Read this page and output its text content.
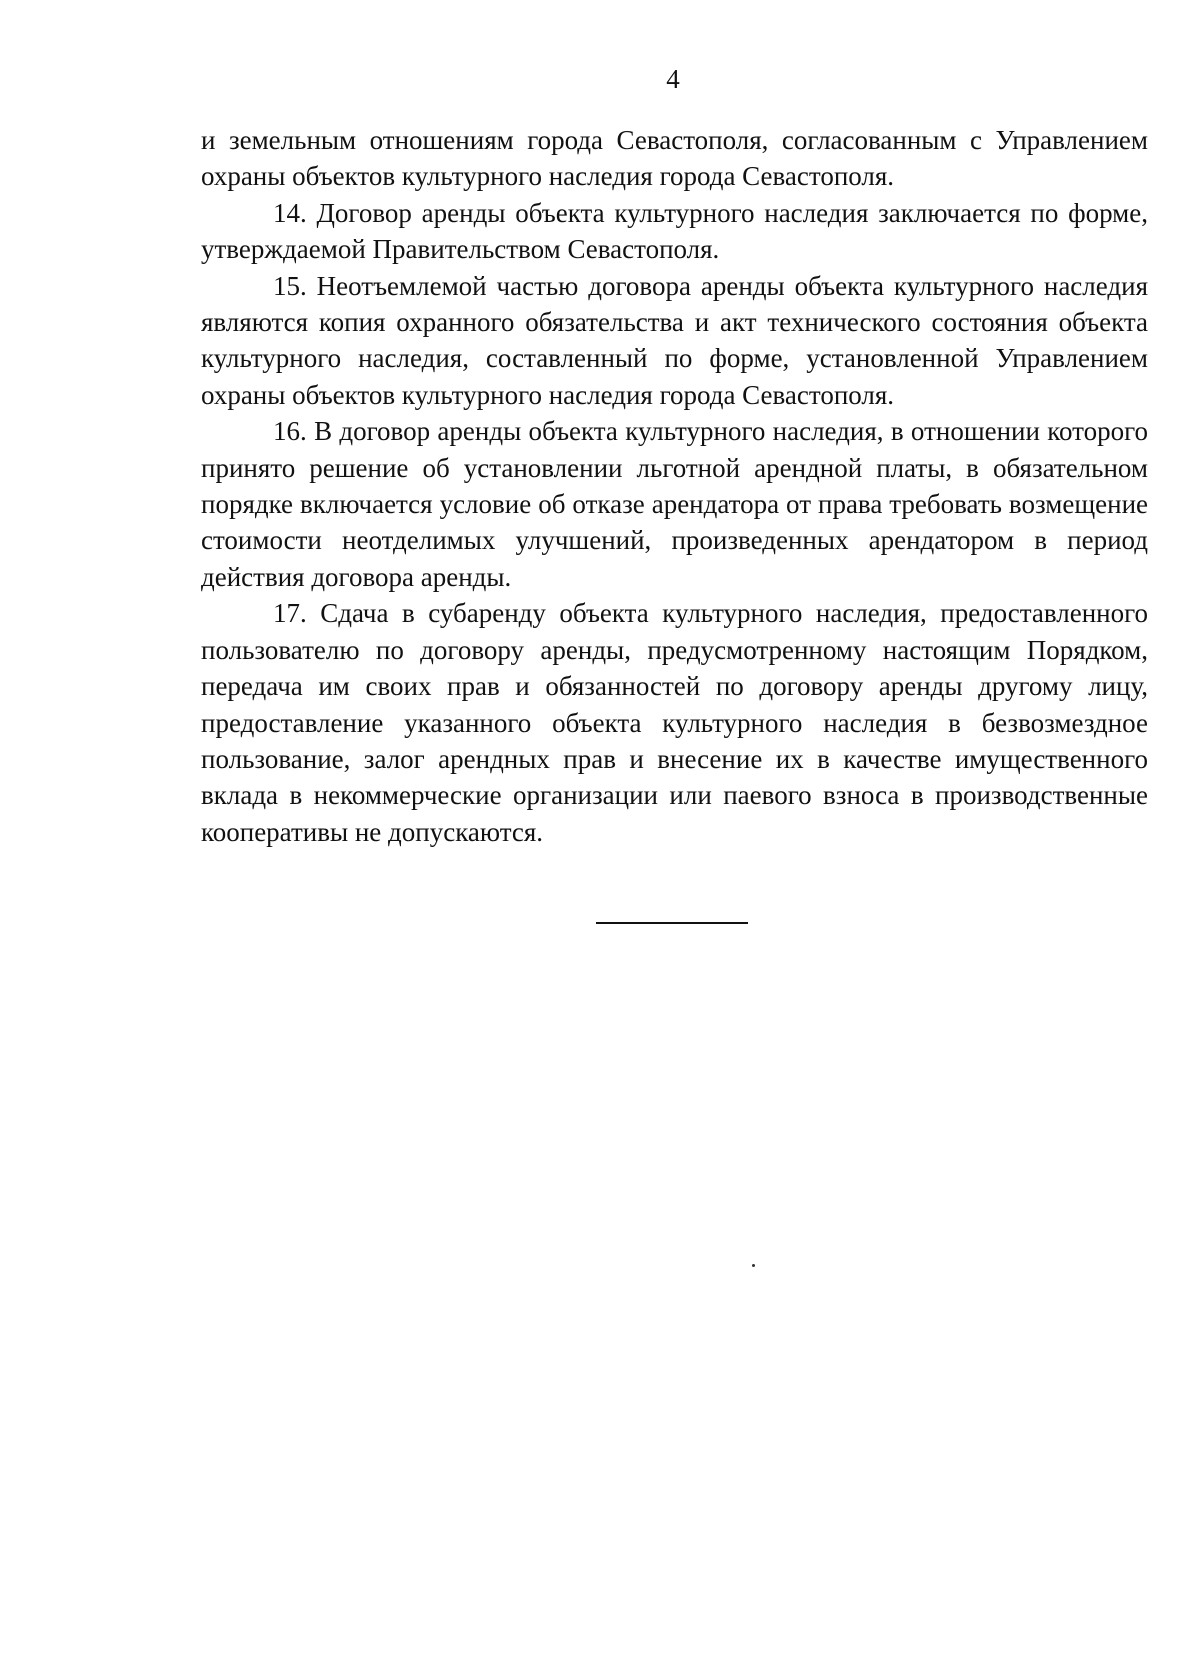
4

и земельным отношениям города Севастополя, согласованным с Управлением охраны объектов культурного наследия города Севастополя.

14. Договор аренды объекта культурного наследия заключается по форме, утверждаемой Правительством Севастополя.

15. Неотъемлемой частью договора аренды объекта культурного наследия являются копия охранного обязательства и акт технического состояния объекта культурного наследия, составленный по форме, установленной Управлением охраны объектов культурного наследия города Севастополя.

16. В договор аренды объекта культурного наследия, в отношении которого принято решение об установлении льготной арендной платы, в обязательном порядке включается условие об отказе арендатора от права требовать возмещение стоимости неотделимых улучшений, произведенных арендатором в период действия договора аренды.

17. Сдача в субаренду объекта культурного наследия, предоставленного пользователю по договору аренды, предусмотренному настоящим Порядком, передача им своих прав и обязанностей по договору аренды другому лицу, предоставление указанного объекта культурного наследия в безвозмездное пользование, залог арендных прав и внесение их в качестве имущественного вклада в некоммерческие организации или паевого взноса в производственные кооперативы не допускаются.
